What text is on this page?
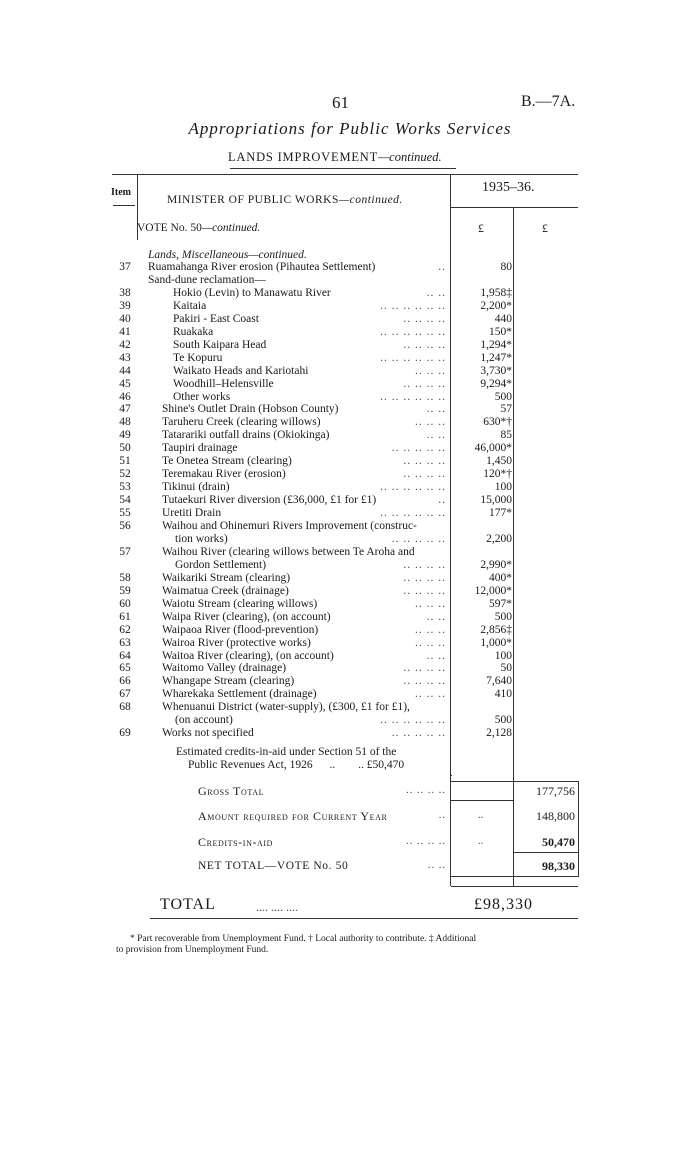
61	B.—7A.
Appropriations for Public Works Services
LANDS IMPROVEMENT—continued.
Item	1935–36.
MINISTER OF PUBLIC WORKS—continued.
VOTE No. 50—continued.	£	£
Lands, Miscellaneous—continued.
37	Ruamahanga River erosion (Pihautea Settlement)	..	80
Sand-dune reclamation—
38	Hokio (Levin) to Manawatu River	.. ..	1,958‡
39	Kaitaia	.. .. .. .. .. ..	2,200*
40	Pakiri - East Coast	.. .. .. ..	440
41	Ruakaka	.. .. .. .. .. ..	150*
42	South Kaipara Head	.. .. .. ..	1,294*
43	Te Kopuru	.. .. .. .. .. ..	1,247*
44	Waikato Heads and Kariotahi	.. .. ..	3,730*
45	Woodhill–Helensville	.. .. .. ..	9,294*
46	Other works	.. .. .. .. .. ..	500
47	Shine's Outlet Drain (Hobson County)	.. ..	57
48	Taruheru Creek (clearing willows)	.. .. ..	630*†
49	Tatarariki outfall drains (Okiokinga)	.. ..	85
50	Taupiri drainage	.. .. .. .. ..	46,000*
51	Te Onetea Stream (clearing)	.. .. .. ..	1,450
52	Teremakau River (erosion)	.. .. .. ..	120*†
53	Tikinui (drain)	.. .. .. .. .. ..	100
54	Tutaekuri River diversion (£36,000, £1 for £1)	..	15,000
55	Uretiti Drain	.. .. .. .. .. ..	177*
56	Waihou and Ohinemuri Rivers Improvement (construc-
tion works)	.. .. .. .. ..	2,200
57	Waihou River (clearing willows between Te Aroha and
Gordon Settlement)	.. .. .. ..	2,990*
58	Waikariki Stream (clearing)	.. .. .. ..	400*
59	Waimatua Creek (drainage)	.. .. .. ..	12,000*
60	Waiotu Stream (clearing willows)	.. .. ..	597*
61	Waipa River (clearing), (on account)	.. ..	500
62	Waipaoa River (flood-prevention)	.. .. ..	2,856‡
63	Wairoa River (protective works)	.. .. ..	1,000*
64	Waitoa River (clearing), (on account)	.. ..	100
65	Waitomo Valley (drainage)	.. .. .. ..	50
66	Whangape Stream (clearing)	.. .. .. ..	7,640
67	Wharekaka Settlement (drainage)	.. .. ..	410
68	Whenuanui District (water-supply), (£300, £1 for £1),
(on account)	.. .. .. .. .. ..	500
69	Works not specified	.. .. .. .. ..	2,128
Estimated credits-in-aid under Section 51 of the
Public Revenues Act, 1926 .. .. £50,470
Gross Total	.. .. .. ..	177,756
Amount required for Current Year	..	..	148,800
Credits-in-aid	.. .. .. ..	..	50,470
NET TOTAL—VOTE No. 50	.. ..	98,330
TOTAL	.... .... ....	£98,330
* Part recoverable from Unemployment Fund. † Local authority to contribute. ‡ Additional
to provision from Unemployment Fund.
